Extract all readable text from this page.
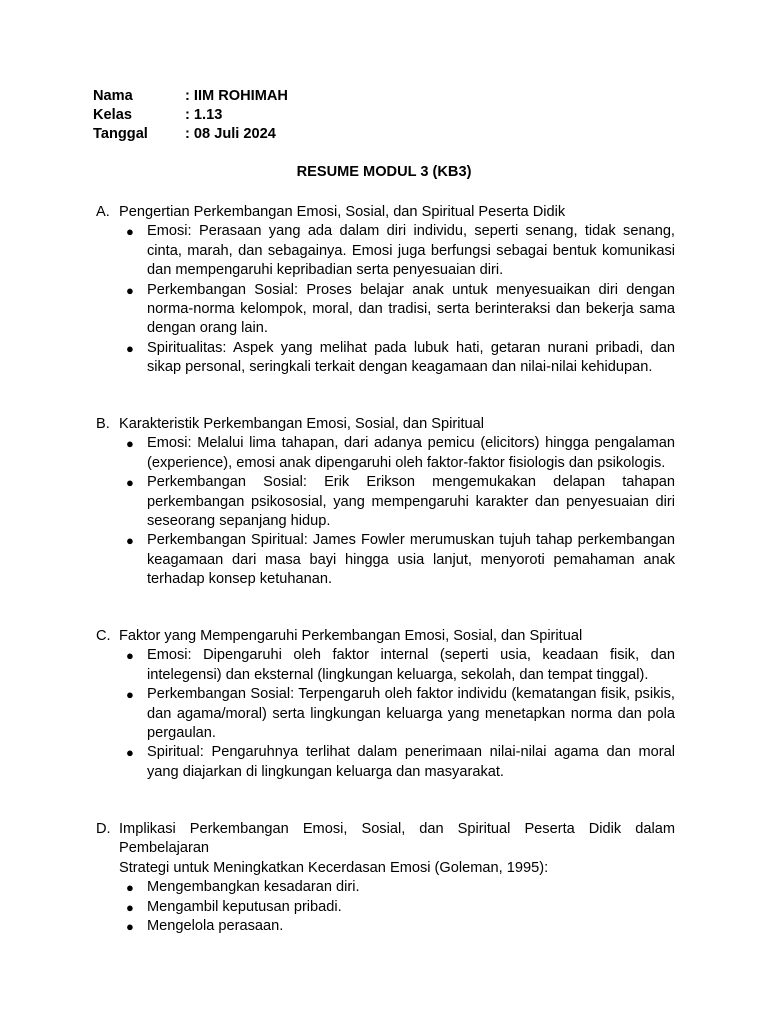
Nama	: IIM ROHIMAH
Kelas	: 1.13
Tanggal	: 08 Juli 2024
RESUME MODUL 3 (KB3)
A. Pengertian Perkembangan Emosi, Sosial, dan Spiritual Peserta Didik
● Emosi: Perasaan yang ada dalam diri individu, seperti senang, tidak senang, cinta, marah, dan sebagainya. Emosi juga berfungsi sebagai bentuk komunikasi dan mempengaruhi kepribadian serta penyesuaian diri.
● Perkembangan Sosial: Proses belajar anak untuk menyesuaikan diri dengan norma-norma kelompok, moral, dan tradisi, serta berinteraksi dan bekerja sama dengan orang lain.
● Spiritualitas: Aspek yang melihat pada lubuk hati, getaran nurani pribadi, dan sikap personal, seringkali terkait dengan keagamaan dan nilai-nilai kehidupan.
B. Karakteristik Perkembangan Emosi, Sosial, dan Spiritual
● Emosi: Melalui lima tahapan, dari adanya pemicu (elicitors) hingga pengalaman (experience), emosi anak dipengaruhi oleh faktor-faktor fisiologis dan psikologis.
● Perkembangan Sosial: Erik Erikson mengemukakan delapan tahapan perkembangan psikososial, yang mempengaruhi karakter dan penyesuaian diri seseorang sepanjang hidup.
● Perkembangan Spiritual: James Fowler merumuskan tujuh tahap perkembangan keagamaan dari masa bayi hingga usia lanjut, menyoroti pemahaman anak terhadap konsep ketuhanan.
C. Faktor yang Mempengaruhi Perkembangan Emosi, Sosial, dan Spiritual
● Emosi: Dipengaruhi oleh faktor internal (seperti usia, keadaan fisik, dan intelegensi) dan eksternal (lingkungan keluarga, sekolah, dan tempat tinggal).
● Perkembangan Sosial: Terpengaruh oleh faktor individu (kematangan fisik, psikis, dan agama/moral) serta lingkungan keluarga yang menetapkan norma dan pola pergaulan.
● Spiritual: Pengaruhnya terlihat dalam penerimaan nilai-nilai agama dan moral yang diajarkan di lingkungan keluarga dan masyarakat.
D. Implikasi Perkembangan Emosi, Sosial, dan Spiritual Peserta Didik dalam Pembelajaran
Strategi untuk Meningkatkan Kecerdasan Emosi (Goleman, 1995):
● Mengembangkan kesadaran diri.
● Mengambil keputusan pribadi.
● Mengelola perasaan.
